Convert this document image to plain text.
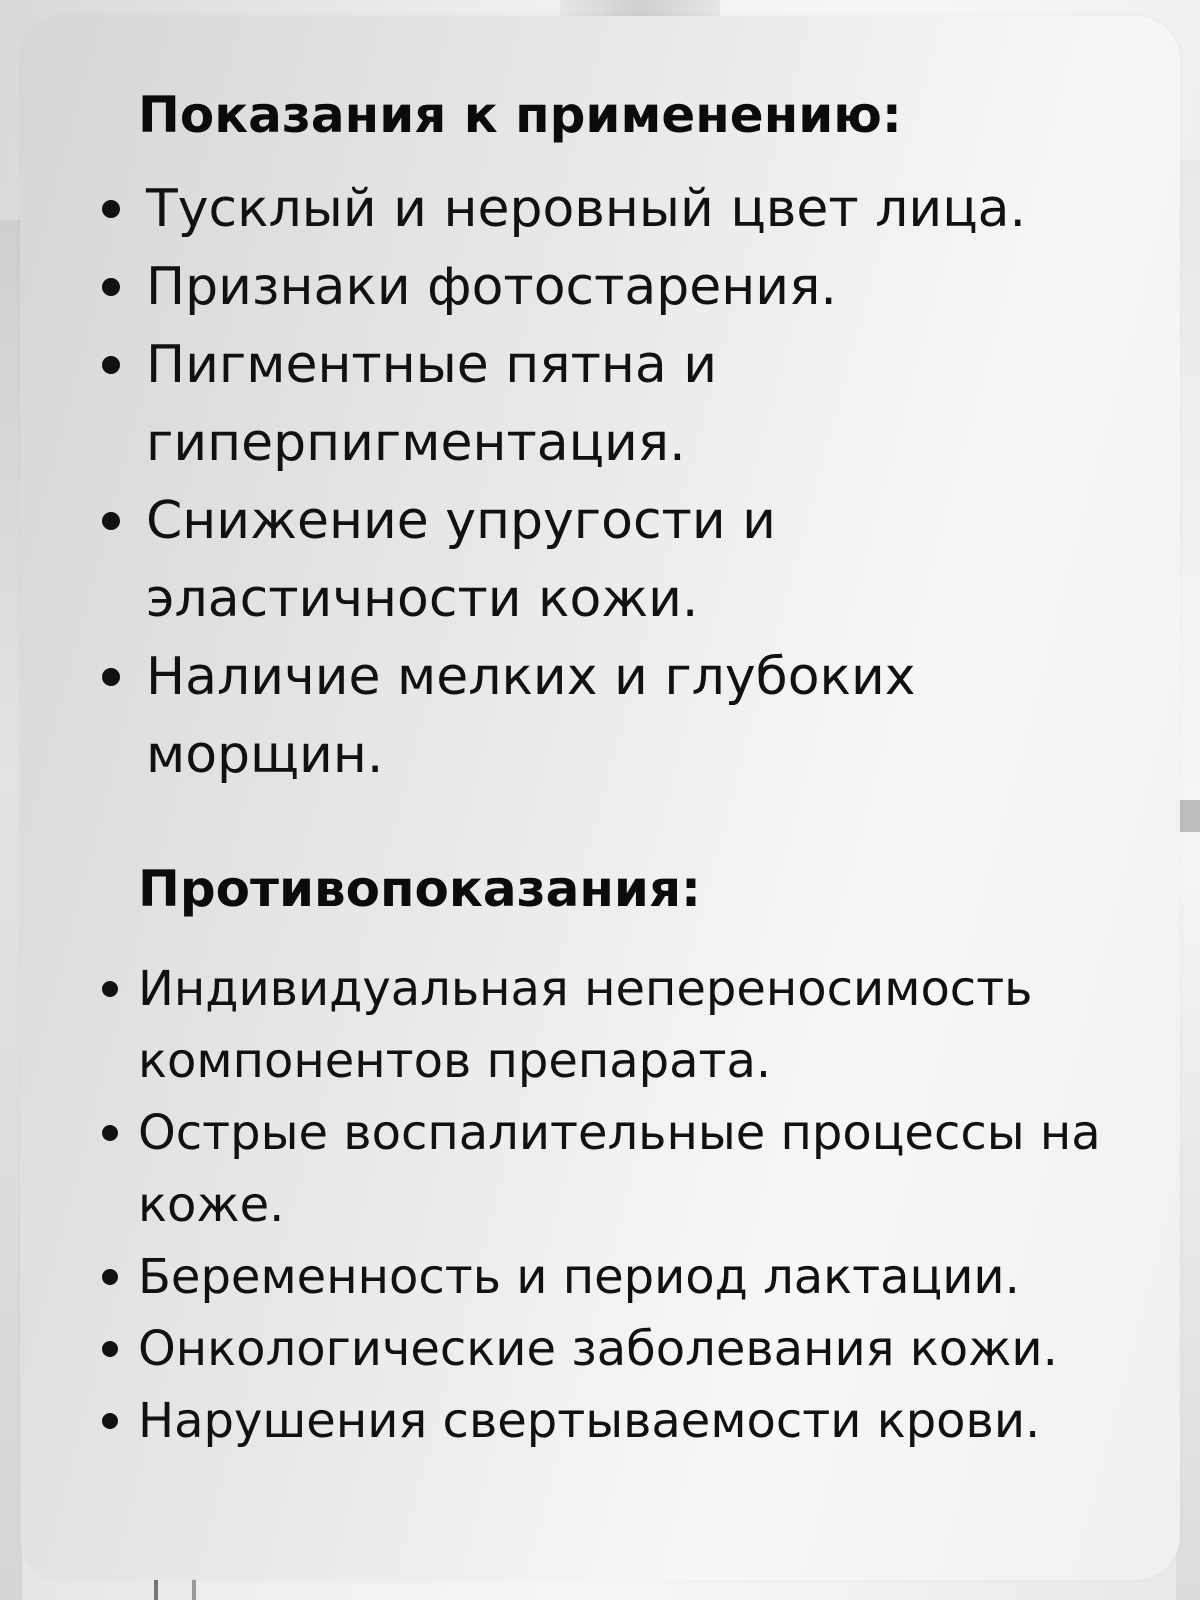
Показания к применению:
Тусклый и неровный цвет лица.
Признаки фотостарения.
Пигментные пятна и гиперпигментация.
Снижение упругости и эластичности кожи.
Наличие мелких и глубоких морщин.
Противопоказания:
Индивидуальная непереносимость компонентов препарата.
Острые воспалительные процессы на коже.
Беременность и период лактации.
Онкологические заболевания кожи.
Нарушения свертываемости крови.
